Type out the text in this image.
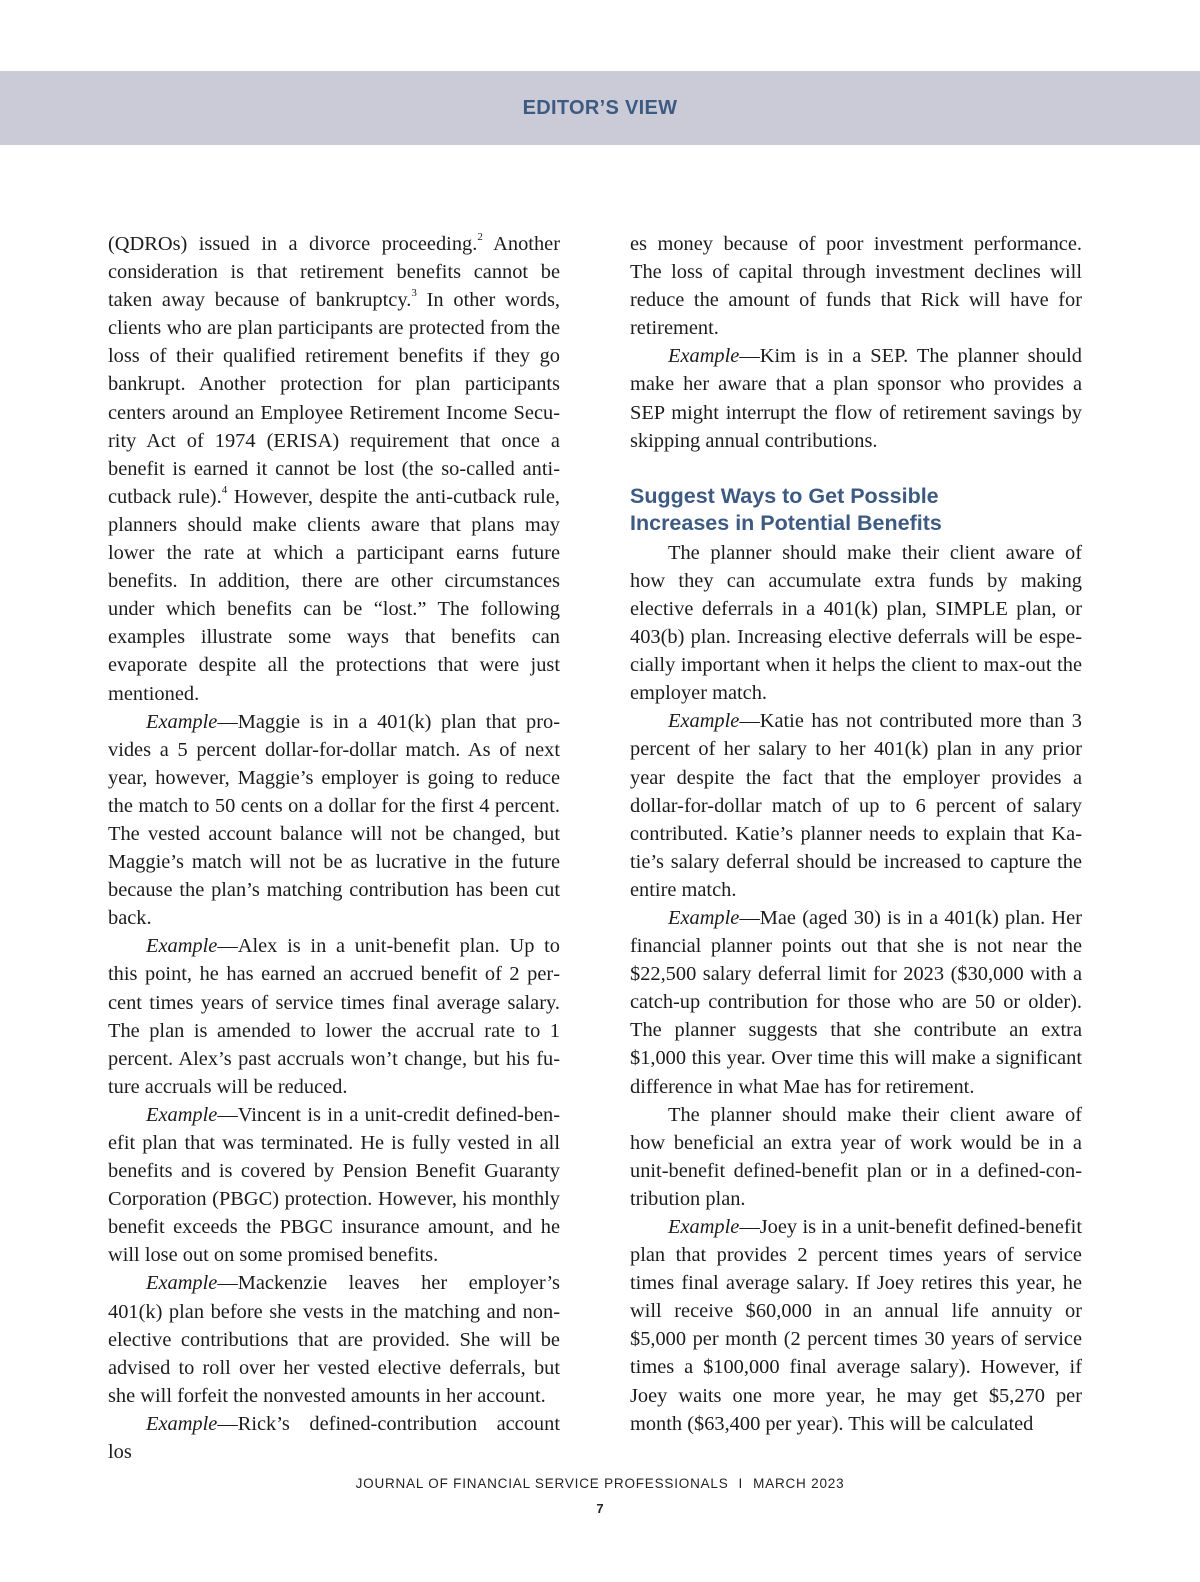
EDITOR’S VIEW

(QDROs) issued in a divorce proceeding.$^2$ Another consideration is that retirement benefits cannot be taken away because of bankruptcy.$^3$ In other words, clients who are plan participants are protected from the loss of their qualified retirement benefits if they go bankrupt. Another protection for plan participants centers around an Employee Retirement Income Security Act of 1974 (ERISA) requirement that once a benefit is earned it cannot be lost (the so-called anti-cutback rule).$^4$ However, despite the anti-cutback rule, planners should make clients aware that plans may lower the rate at which a participant earns future benefits. In addition, there are other circumstances under which benefits can be “lost.” The following examples illustrate some ways that benefits can evaporate despite all the protections that were just mentioned.

Example—Maggie is in a 401(k) plan that provides a 5 percent dollar-for-dollar match. As of next year, however, Maggie’s employer is going to reduce the match to 50 cents on a dollar for the first 4 percent. The vested account balance will not be changed, but Maggie’s match will not be as lucrative in the future because the plan’s matching contribution has been cut back.

Example—Alex is in a unit-benefit plan. Up to this point, he has earned an accrued benefit of 2 percent times years of service times final average salary. The plan is amended to lower the accrual rate to 1 percent. Alex’s past accruals won’t change, but his future accruals will be reduced.

Example—Vincent is in a unit-credit defined-benefit plan that was terminated. He is fully vested in all benefits and is covered by Pension Benefit Guaranty Corporation (PBGC) protection. However, his monthly benefit exceeds the PBGC insurance amount, and he will lose out on some promised benefits.

Example—Mackenzie leaves her employer’s 401(k) plan before she vests in the matching and nonelective contributions that are provided. She will be advised to roll over her vested elective deferrals, but she will forfeit the nonvested amounts in her account.

Example—Rick’s defined-contribution account los

es money because of poor investment performance. The loss of capital through investment declines will reduce the amount of funds that Rick will have for retirement.

Example—Kim is in a SEP. The planner should make her aware that a plan sponsor who provides a SEP might interrupt the flow of retirement savings by skipping annual contributions.

Suggest Ways to Get Possible
Increases in Potential Benefits

The planner should make their client aware of how they can accumulate extra funds by making elective deferrals in a 401(k) plan, SIMPLE plan, or 403(b) plan. Increasing elective deferrals will be especially important when it helps the client to max-out the employer match.

Example—Katie has not contributed more than 3 percent of her salary to her 401(k) plan in any prior year despite the fact that the employer provides a dollar-for-dollar match of up to 6 percent of salary contributed. Katie’s planner needs to explain that Katie’s salary deferral should be increased to capture the entire match.

Example—Mae (aged 30) is in a 401(k) plan. Her financial planner points out that she is not near the $22,500 salary deferral limit for 2023 ($30,000 with a catch-up contribution for those who are 50 or older). The planner suggests that she contribute an extra $1,000 this year. Over time this will make a significant difference in what Mae has for retirement.

The planner should make their client aware of how beneficial an extra year of work would be in a unit-benefit defined-benefit plan or in a defined-contribution plan.

Example—Joey is in a unit-benefit defined-benefit plan that provides 2 percent times years of service times final average salary. If Joey retires this year, he will receive $60,000 in an annual life annuity or $5,000 per month (2 percent times 30 years of service times a $100,000 final average salary). However, if Joey waits one more year, he may get $5,270 per month ($63,400 per year). This will be calculated

JOURNAL OF FINANCIAL SERVICE PROFESSIONALS I MARCH 2023
7
